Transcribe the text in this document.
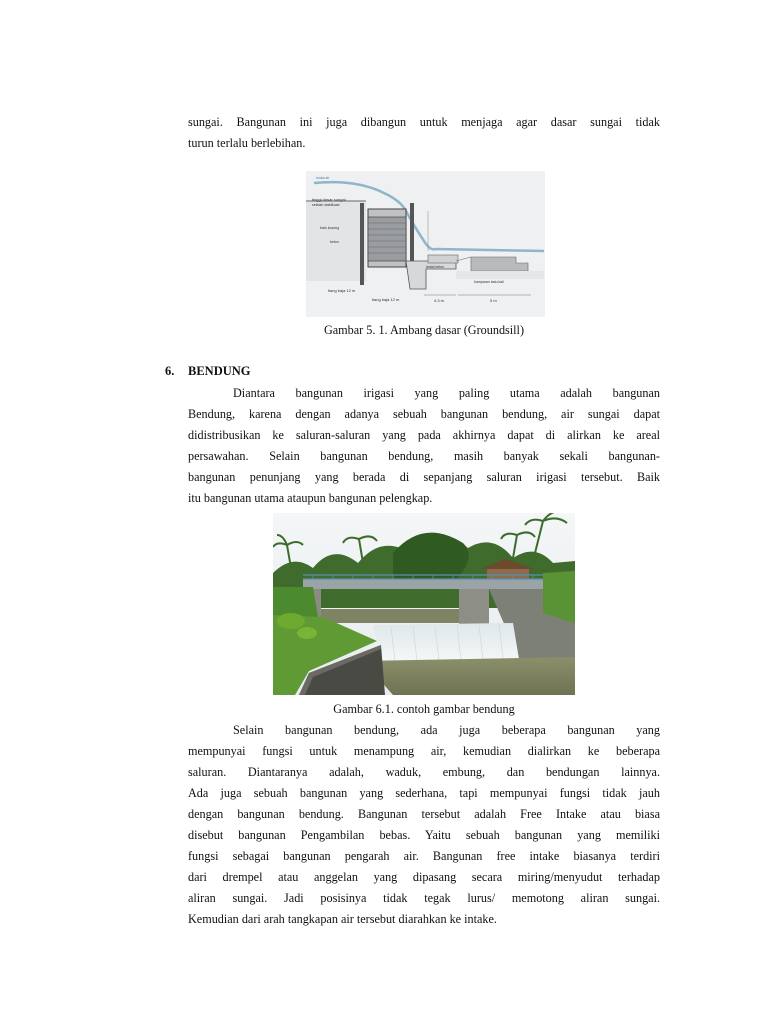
sungai. Bangunan ini juga dibangun untuk menjaga agar dasar sungai tidak
turun terlalu berlebihan.
tinggi dasar sungai
setelah stabilisasi
muka air
batu kosong
beton
tiang baja 12 m
tiang baja 12 m
lantai beton
hamparan batu kali
4.3 m	5 m

Gambar 5. 1. Ambang dasar (Groundsill)

6. BENDUNG

Diantara bangunan irigasi yang paling utama adalah bangunan
Bendung, karena dengan adanya sebuah bangunan bendung, air sungai dapat
didistribusikan ke saluran-saluran yang pada akhirnya dapat di alirkan ke areal
persawahan. Selain bangunan bendung, masih banyak sekali bangunan-
bangunan penunjang yang berada di sepanjang saluran irigasi tersebut. Baik
itu bangunan utama ataupun bangunan pelengkap.

Gambar 6.1. contoh gambar bendung

Selain bangunan bendung, ada juga beberapa bangunan yang
mempunyai fungsi untuk menampung air, kemudian dialirkan ke beberapa
saluran. Diantaranya adalah, waduk, embung, dan bendungan lainnya.
Ada juga sebuah bangunan yang sederhana, tapi mempunyai fungsi tidak jauh
dengan bangunan bendung. Bangunan tersebut adalah Free Intake atau biasa
disebut bangunan Pengambilan bebas. Yaitu sebuah bangunan yang memiliki
fungsi sebagai bangunan pengarah air. Bangunan free intake biasanya terdiri
dari drempel atau anggelan yang dipasang secara miring/menyudut terhadap
aliran sungai. Jadi posisinya tidak tegak lurus/ memotong aliran sungai.
Kemudian dari arah tangkapan air tersebut diarahkan ke intake.
